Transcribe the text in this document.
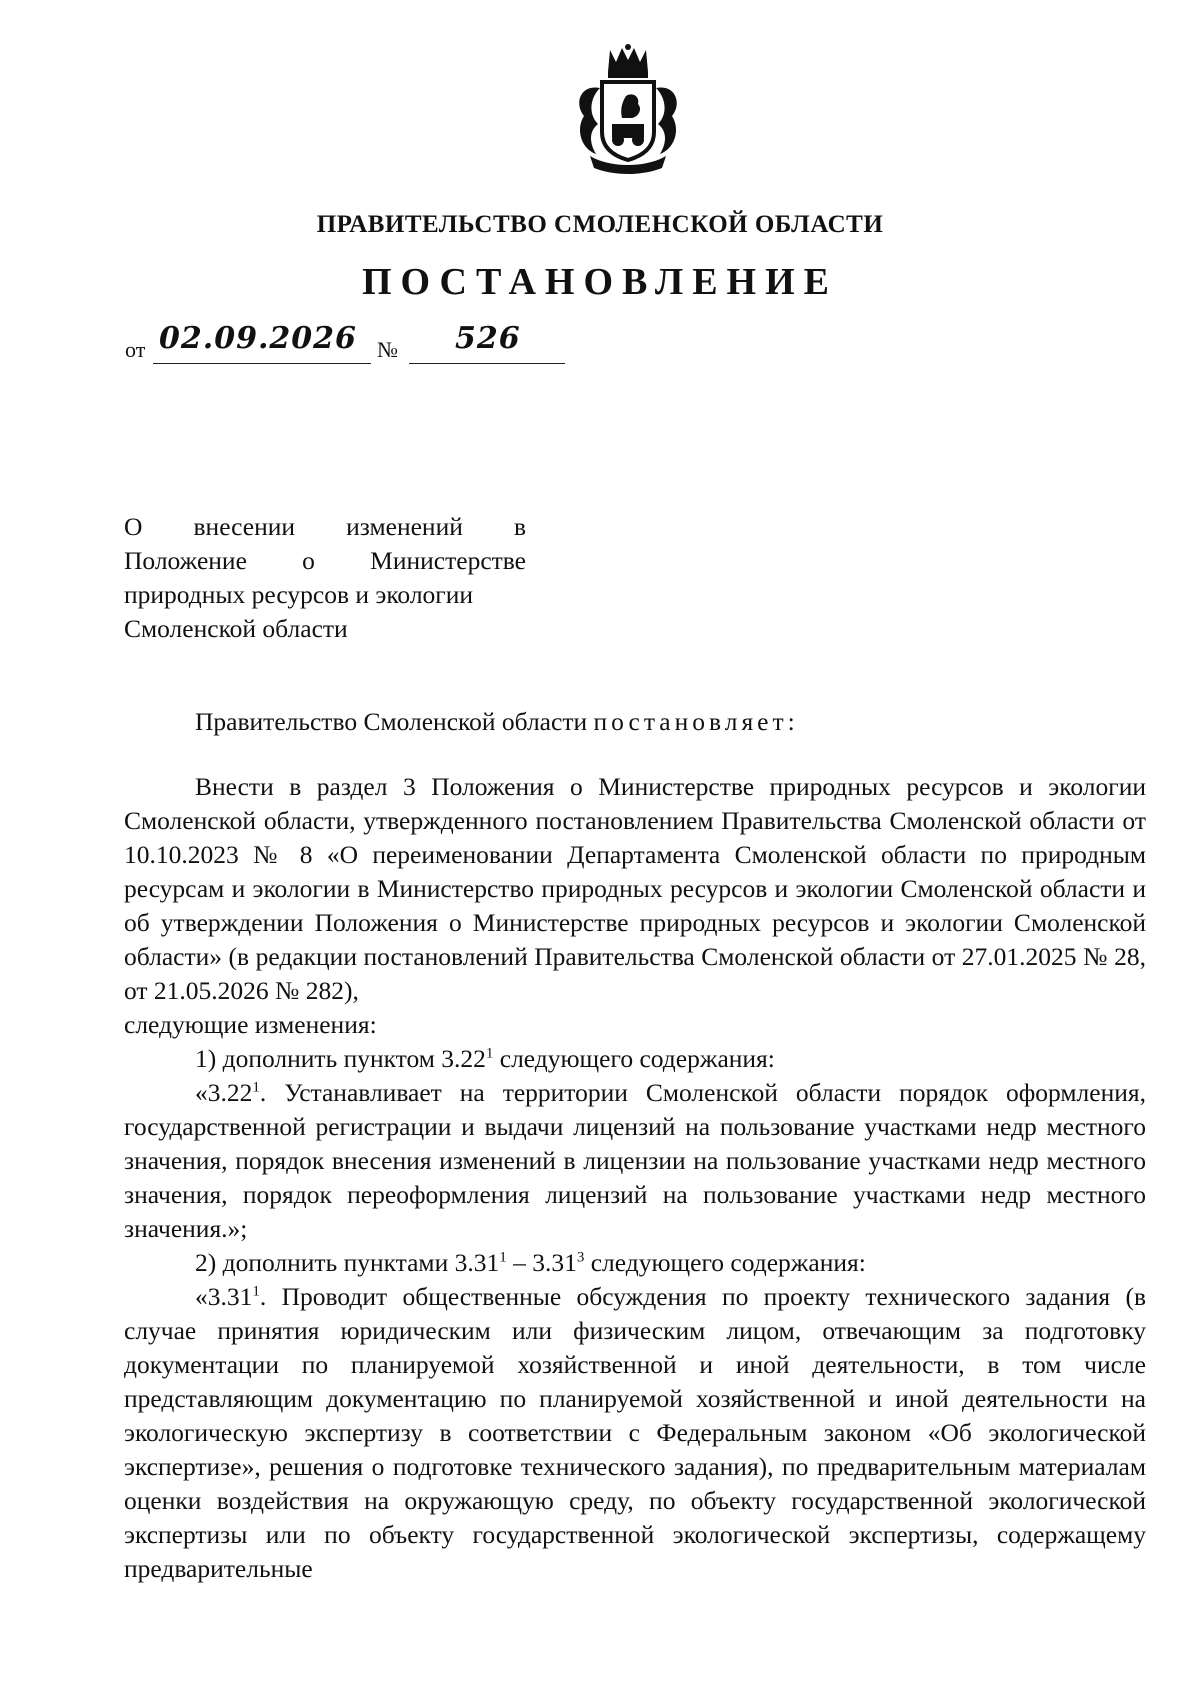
ПРАВИТЕЛЬСТВО СМОЛЕНСКОЙ ОБЛАСТИ
ПОСТАНОВЛЕНИЕ
от 02.09.2026 № 526
О внесении изменений в
Положение о Министерстве
природных ресурсов и экологии
Смоленской области

Правительство Смоленской области постановляет:

Внести в раздел 3 Положения о Министерстве природных ресурсов и экологии Смоленской области, утвержденного постановлением Правительства Смоленской области от 10.10.2023 № 8 «О переименовании Департамента Смоленской области по природным ресурсам и экологии в Министерство природных ресурсов и экологии Смоленской области и об утверждении Положения о Министерстве природных ресурсов и экологии Смоленской области» (в редакции постановлений Правительства Смоленской области от 27.01.2025 № 28, от 21.05.2026 № 282),
следующие изменения:

1) дополнить пунктом 3.22$^1$ следующего содержания:

«3.22$^1$. Устанавливает на территории Смоленской области порядок оформления, государственной регистрации и выдачи лицензий на пользование участками недр местного значения, порядок внесения изменений в лицензии на пользование участками недр местного значения, порядок переоформления лицензий на пользование участками недр местного значения.»;

2) дополнить пунктами 3.31$^1$ – 3.31$^3$ следующего содержания:

«3.31$^1$. Проводит общественные обсуждения по проекту технического задания (в случае принятия юридическим или физическим лицом, отвечающим за подготовку документации по планируемой хозяйственной и иной деятельности, в том числе представляющим документацию по планируемой хозяйственной и иной деятельности на экологическую экспертизу в соответствии с Федеральным законом «Об экологической экспертизе», решения о подготовке технического задания), по предварительным материалам оценки воздействия на окружающую среду, по объекту государственной экологической экспертизы или по объекту государственной экологической экспертизы, содержащему предварительные
